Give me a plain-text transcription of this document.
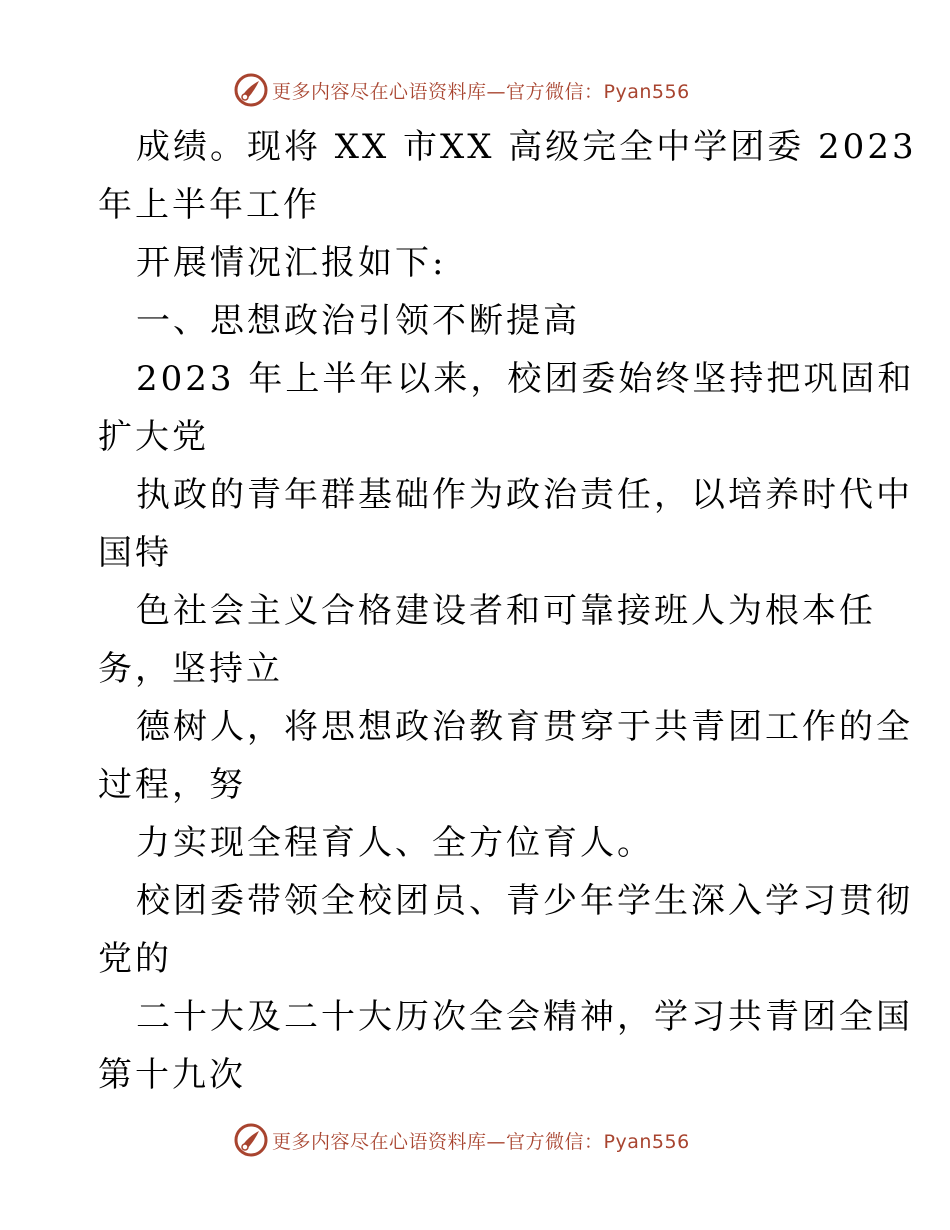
更多内容尽在心语资料库—官方微信：Pyan556
成绩。现将 XX 市XX 高级完全中学团委 2023
年上半年工作
开展情况汇报如下:
一、思想政治引领不断提高
2023 年上半年以来，校团委始终坚持把巩固和
扩大党
执政的青年群基础作为政治责任，以培养时代中
国特
色社会主义合格建设者和可靠接班人为根本任
务，坚持立
德树人，将思想政治教育贯穿于共青团工作的全
过程，努
力实现全程育人、全方位育人。
校团委带领全校团员、青少年学生深入学习贯彻
党的
二十大及二十大历次全会精神，学习共青团全国
第十九次
更多内容尽在心语资料库—官方微信：Pyan556
